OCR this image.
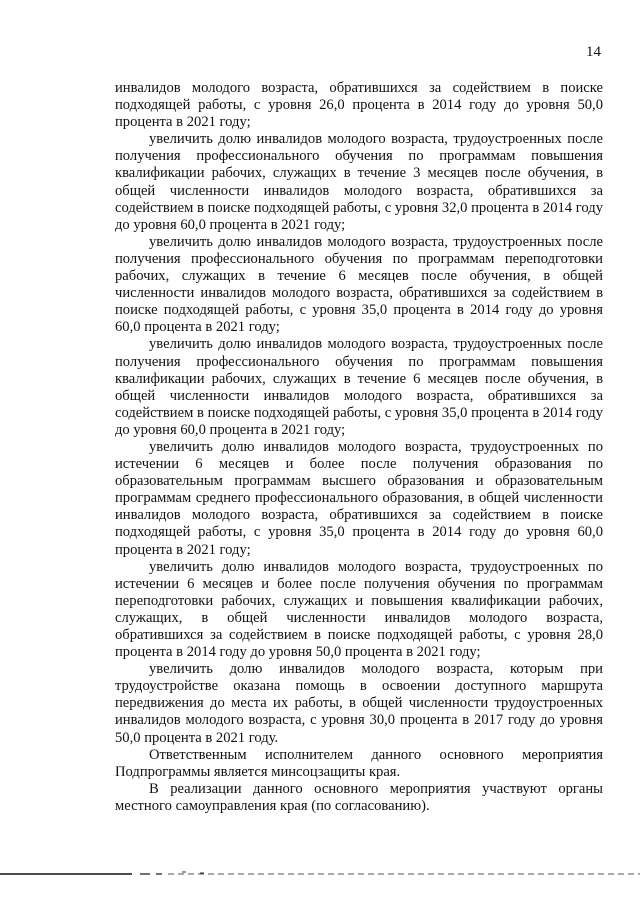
14

инвалидов молодого возраста, обратившихся за содействием в поиске подходящей работы, с уровня 26,0 процента в 2014 году до уровня 50,0 процента в 2021 году;

увеличить долю инвалидов молодого возраста, трудоустроенных после получения профессионального обучения по программам повышения квалификации рабочих, служащих в течение 3 месяцев после обучения, в общей численности инвалидов молодого возраста, обратившихся за содействием в поиске подходящей работы, с уровня 32,0 процента в 2014 году до уровня 60,0 процента в 2021 году;

увеличить долю инвалидов молодого возраста, трудоустроенных после получения профессионального обучения по программам переподготовки рабочих, служащих в течение 6 месяцев после обучения, в общей численности инвалидов молодого возраста, обратившихся за содействием в поиске подходящей работы, с уровня 35,0 процента в 2014 году до уровня 60,0 процента в 2021 году;

увеличить долю инвалидов молодого возраста, трудоустроенных после получения профессионального обучения по программам повышения квалификации рабочих, служащих в течение 6 месяцев после обучения, в общей численности инвалидов молодого возраста, обратившихся за содействием в поиске подходящей работы, с уровня 35,0 процента в 2014 году до уровня 60,0 процента в 2021 году;

увеличить долю инвалидов молодого возраста, трудоустроенных по истечении 6 месяцев и более после получения образования по образовательным программам высшего образования и образовательным программам среднего профессионального образования, в общей численности инвалидов молодого возраста, обратившихся за содействием в поиске подходящей работы, с уровня 35,0 процента в 2014 году до уровня 60,0 процента в 2021 году;

увеличить долю инвалидов молодого возраста, трудоустроенных по истечении 6 месяцев и более после получения обучения по программам переподготовки рабочих, служащих и повышения квалификации рабочих, служащих, в общей численности инвалидов молодого возраста, обратившихся за содействием в поиске подходящей работы, с уровня 28,0 процента в 2014 году до уровня 50,0 процента в 2021 году;

увеличить долю инвалидов молодого возраста, которым при трудоустройстве оказана помощь в освоении доступного маршрута передвижения до места их работы, в общей численности трудоустроенных инвалидов молодого возраста, с уровня 30,0 процента в 2017 году до уровня 50,0 процента в 2021 году.

Ответственным исполнителем данного основного мероприятия Подпрограммы является минсоцзащиты края.

В реализации данного основного мероприятия участвуют органы местного самоуправления края (по согласованию).
